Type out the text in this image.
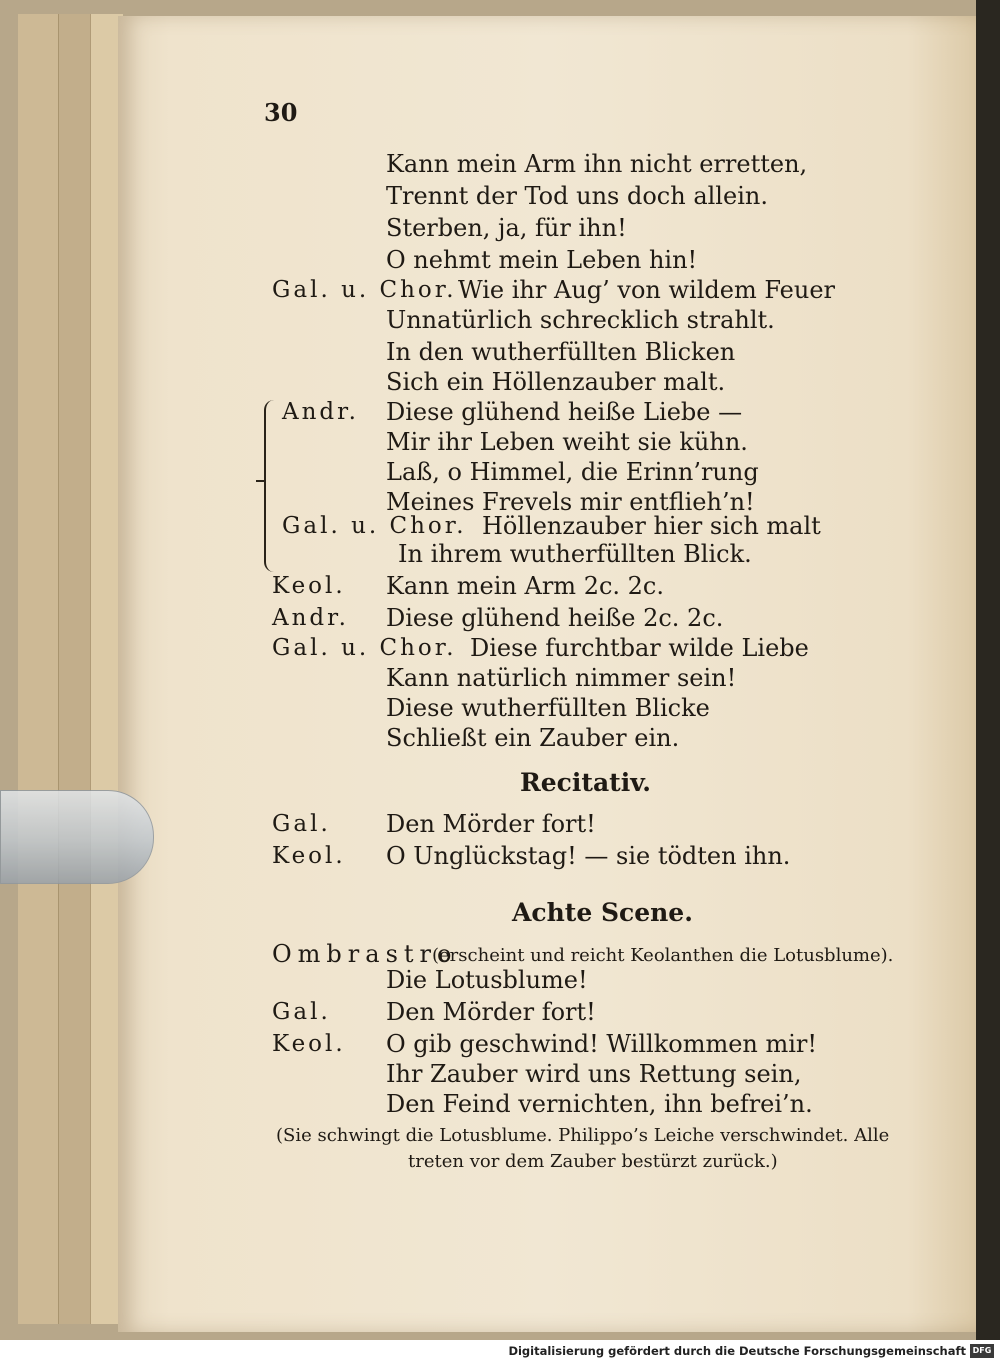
30
Kann mein Arm ihn nicht erretten,
Trennt der Tod uns doch allein.
Sterben, ja, für ihn!
O nehmt mein Leben hin!
Gal. u. Chor. Wie ihr Aug’ von wildem Feuer
Unnatürlich schrecklich strahlt.
In den wutherfüllten Blicken
Sich ein Höllenzauber malt.
Andr. Diese glühend heiße Liebe —
Mir ihr Leben weiht sie kühn.
Laß, o Himmel, die Erinn’rung
Meines Frevels mir entflieh’n!
Gal. u. Chor. Höllenzauber hier sich malt
In ihrem wutherfüllten Blick.
Keol. Kann mein Arm 2c. 2c.
Andr. Diese glühend heiße 2c. 2c.
Gal. u. Chor. Diese furchtbar wilde Liebe
Kann natürlich nimmer sein!
Diese wutherfüllten Blicke
Schließt ein Zauber ein.
Recitativ.
Gal. Den Mörder fort!
Keol. O Unglückstag! — sie tödten ihn.
Achte Scene.
Ombrastro
(erscheint und reicht Keolanthen die Lotusblume).
Die Lotusblume!
Gal. Den Mörder fort!
Keol. O gib geschwind! Willkommen mir!
Ihr Zauber wird uns Rettung sein,
Den Feind vernichten, ihn befrei’n.
(Sie schwingt die Lotusblume. Philippo’s Leiche verschwindet. Alle
treten vor dem Zauber bestürzt zurück.)
Digitalisierung gefördert durch die Deutsche Forschungsgemeinschaft DFG
